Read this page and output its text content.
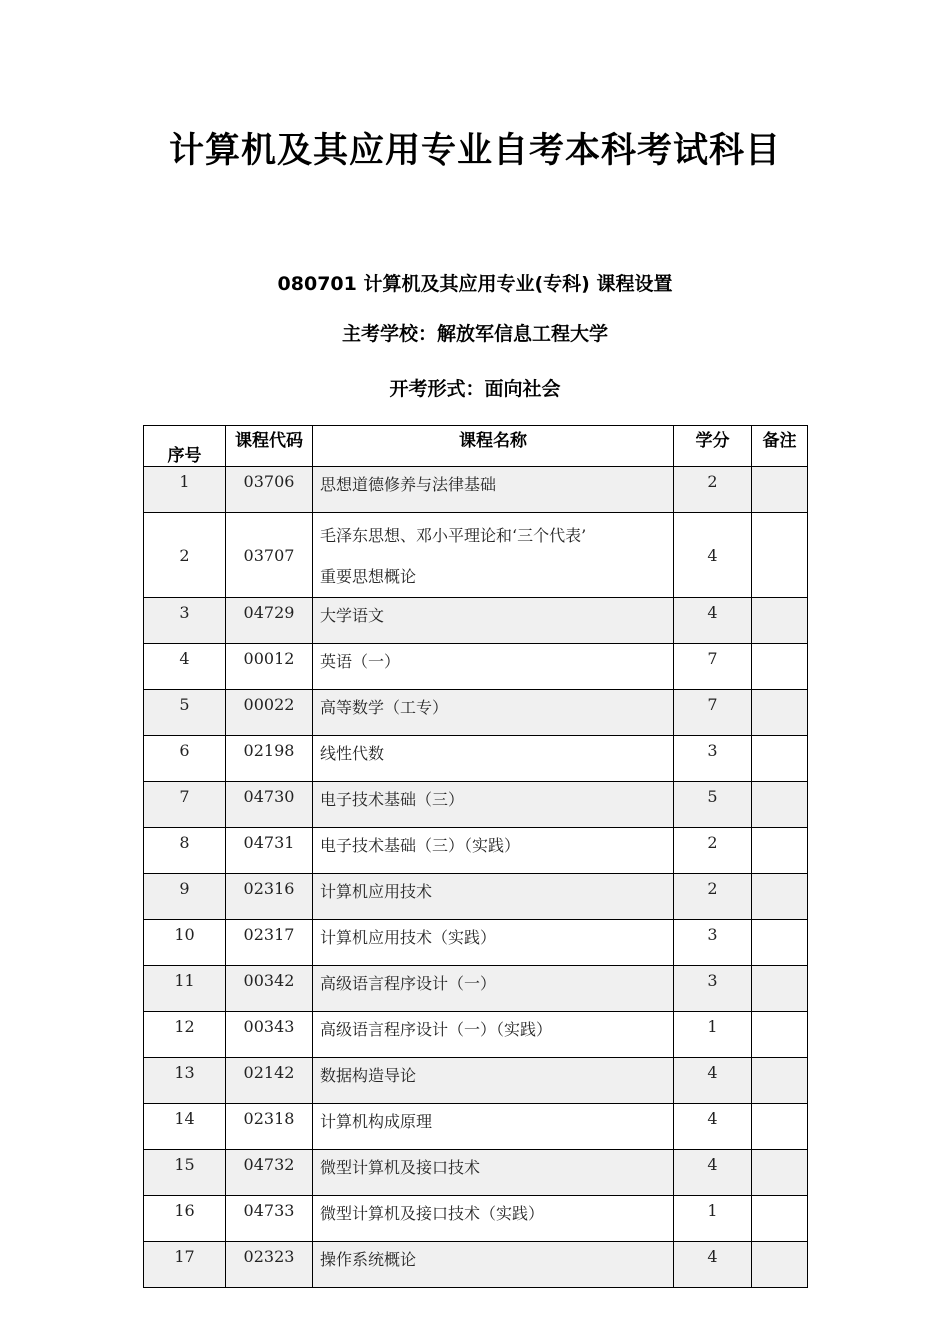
计算机及其应用专业自考本科考试科目
080701 计算机及其应用专业(专科) 课程设置
主考学校：解放军信息工程大学
开考形式：面向社会
序号	课程代码	课程名称	学分	备注
1	03706	思想道德修养与法律基础	2	
2	03707	毛泽东思想、邓小平理论和‘三个代表’
重要思想概论	4	
3	04729	大学语文	4	
4	00012	英语（一）	7	
5	00022	高等数学（工专）	7	
6	02198	线性代数	3	
7	04730	电子技术基础（三）	5	
8	04731	电子技术基础（三）（实践）	2	
9	02316	计算机应用技术	2	
10	02317	计算机应用技术（实践）	3	
11	00342	高级语言程序设计（一）	3	
12	00343	高级语言程序设计（一）（实践）	1	
13	02142	数据构造导论	4	
14	02318	计算机构成原理	4	
15	04732	微型计算机及接口技术	4	
16	04733	微型计算机及接口技术（实践）	1	
17	02323	操作系统概论	4	
